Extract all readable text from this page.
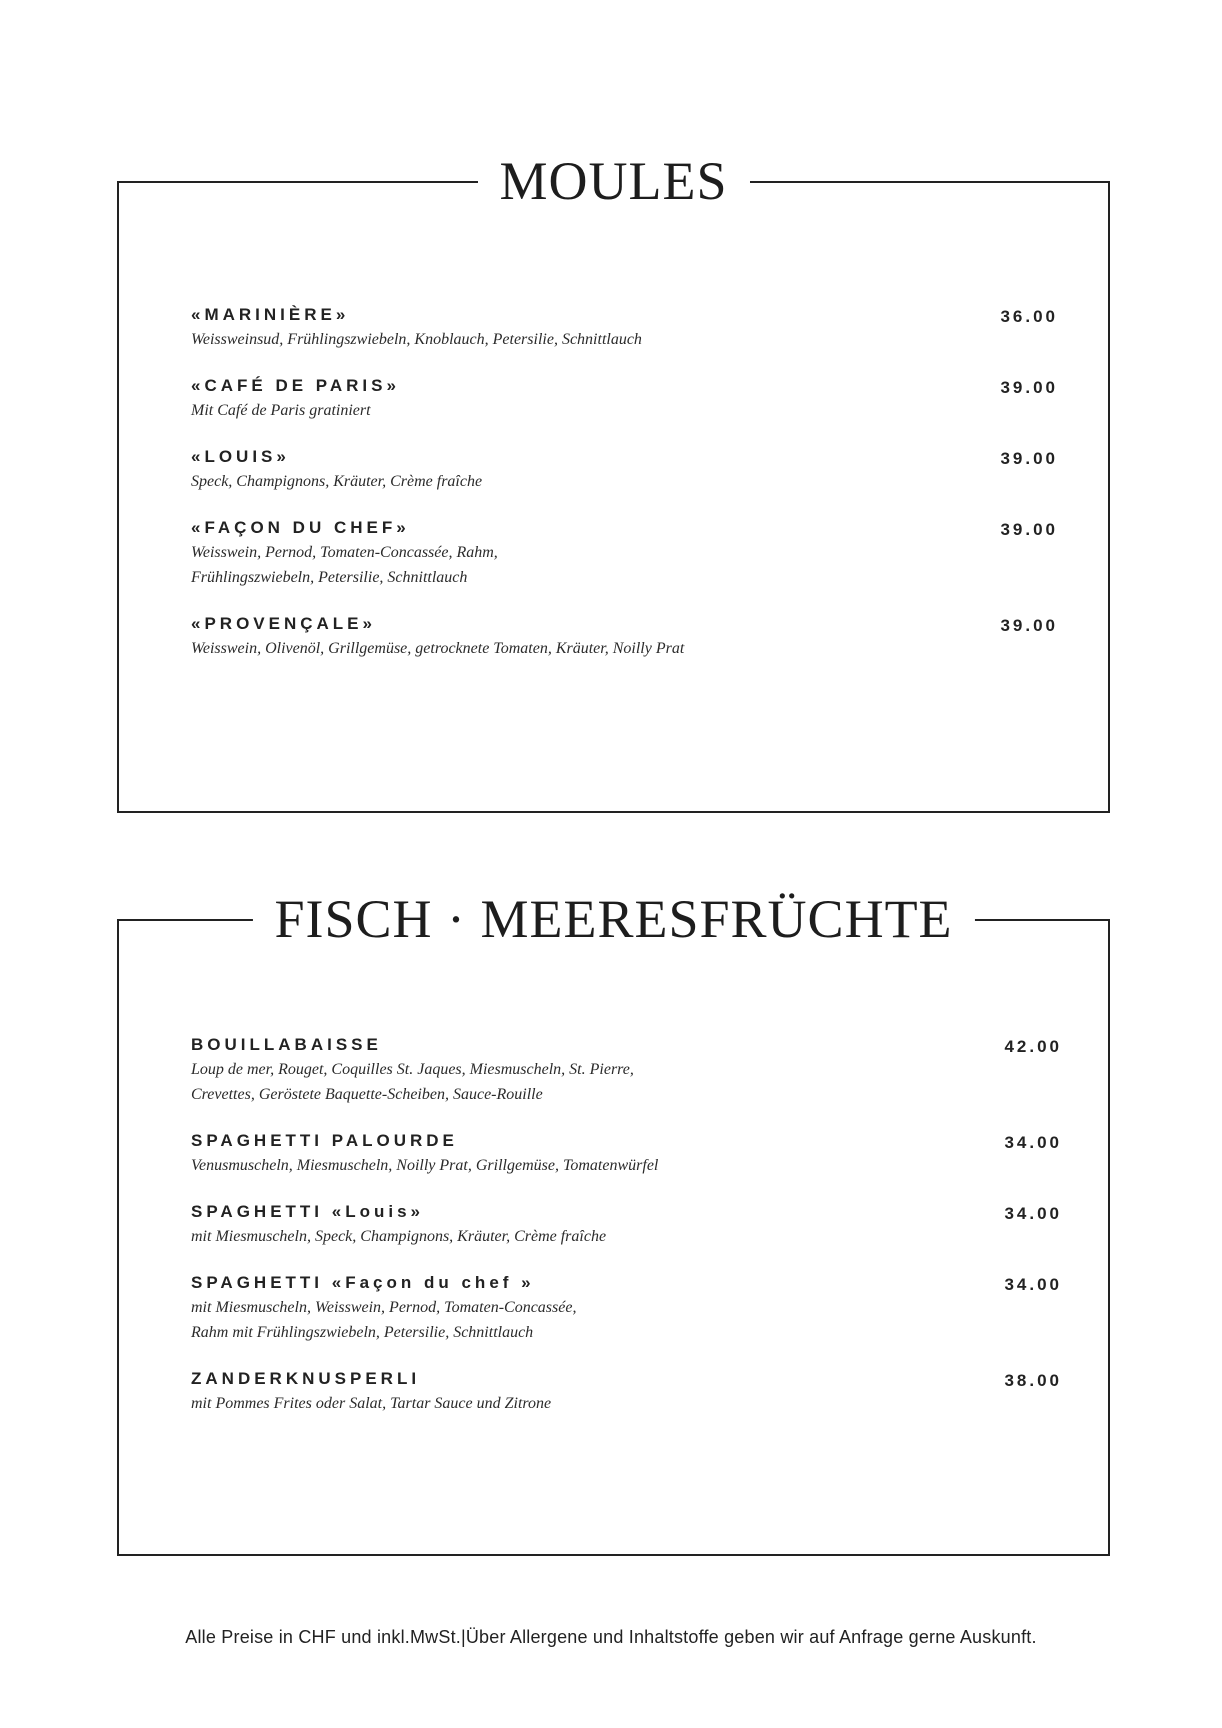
MOULES
«MARINIÈRE»
Weissweinsud, Frühlingszwiebeln, Knoblauch, Petersilie, Schnittlauch
36.00
«CAFÉ DE PARIS»
Mit Café de Paris gratiniert
39.00
«LOUIS»
Speck, Champignons, Kräuter, Crème fraîche
39.00
«FAÇON DU CHEF»
Weisswein, Pernod, Tomaten-Concassée, Rahm,
Frühlingszwiebeln, Petersilie, Schnittlauch
39.00
«PROVENÇALE»
Weisswein, Olivenöl, Grillgemüse, getrocknete Tomaten, Kräuter, Noilly Prat
39.00
FISCH · MEERESFRÜCHTE
BOUILLABAISSE
Loup de mer, Rouget, Coquilles St. Jaques, Miesmuscheln, St. Pierre,
Crevettes, Geröstete Baquette-Scheiben, Sauce-Rouille
42.00
SPAGHETTI PALOURDE
Venusmuscheln, Miesmuscheln, Noilly Prat, Grillgemüse, Tomatenwürfel
34.00
SPAGHETTI «Louis»
mit Miesmuscheln, Speck, Champignons, Kräuter, Crème fraîche
34.00
SPAGHETTI «Façon du chef »
mit Miesmuscheln, Weisswein, Pernod, Tomaten-Concassée,
Rahm mit Frühlingszwiebeln, Petersilie, Schnittlauch
34.00
ZANDERKNUSPERLI
mit Pommes Frites oder Salat, Tartar Sauce und Zitrone
38.00
Alle Preise in CHF und inkl.MwSt.|Über Allergene und Inhaltstoffe geben wir auf Anfrage gerne Auskunft.
